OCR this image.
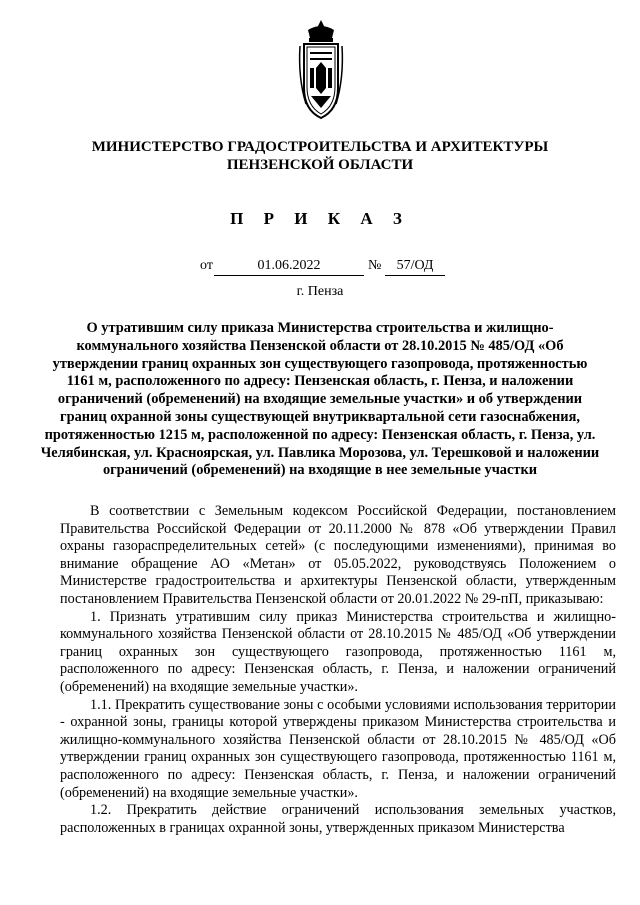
МИНИСТЕРСТВО ГРАДОСТРОИТЕЛЬСТВА И АРХИТЕКТУРЫ
ПЕНЗЕНСКОЙ ОБЛАСТИ
П Р И К А З
от	01.06.2022	№	57/ОД
г. Пенза
О утратившим силу приказа Министерства строительства и жилищно-коммунального хозяйства Пензенской области от 28.10.2015 № 485/ОД «Об утверждении границ охранных зон существующего газопровода, протяженностью 1161 м, расположенного по адресу: Пензенская область, г. Пенза, и наложении ограничений (обременений) на входящие земельные участки» и об утверждении границ охранной зоны существующей внутриквартальной сети газоснабжения, протяженностью 1215 м, расположенной по адресу: Пензенская область, г. Пенза, ул. Челябинская, ул. Красноярская, ул. Павлика Морозова, ул. Терешковой и наложении ограничений (обременений) на входящие в нее земельные участки

В соответствии с Земельным кодексом Российской Федерации, постановлением Правительства Российской Федерации от 20.11.2000 № 878 «Об утверждении Правил охраны газораспределительных сетей» (с последующими изменениями), принимая во внимание обращение АО «Метан» от 05.05.2022, руководствуясь Положением о Министерстве градостроительства и архитектуры Пензенской области, утвержденным постановлением Правительства Пензенской области от 20.01.2022 № 29-пП, приказываю:

1. Признать утратившим силу приказ Министерства строительства и жилищно-коммунального хозяйства Пензенской области от 28.10.2015 № 485/ОД «Об утверждении границ охранных зон существующего газопровода, протяженностью 1161 м, расположенного по адресу: Пензенская область, г. Пенза, и наложении ограничений (обременений) на входящие земельные участки».

1.1. Прекратить существование зоны с особыми условиями использования территории - охранной зоны, границы которой утверждены приказом Министерства строительства и жилищно-коммунального хозяйства Пензенской области от 28.10.2015 № 485/ОД «Об утверждении границ охранных зон существующего газопровода, протяженностью 1161 м, расположенного по адресу: Пензенская область, г. Пенза, и наложении ограничений (обременений) на входящие земельные участки».

1.2. Прекратить действие ограничений использования земельных участков, расположенных в границах охранной зоны, утвержденных приказом Министерства
